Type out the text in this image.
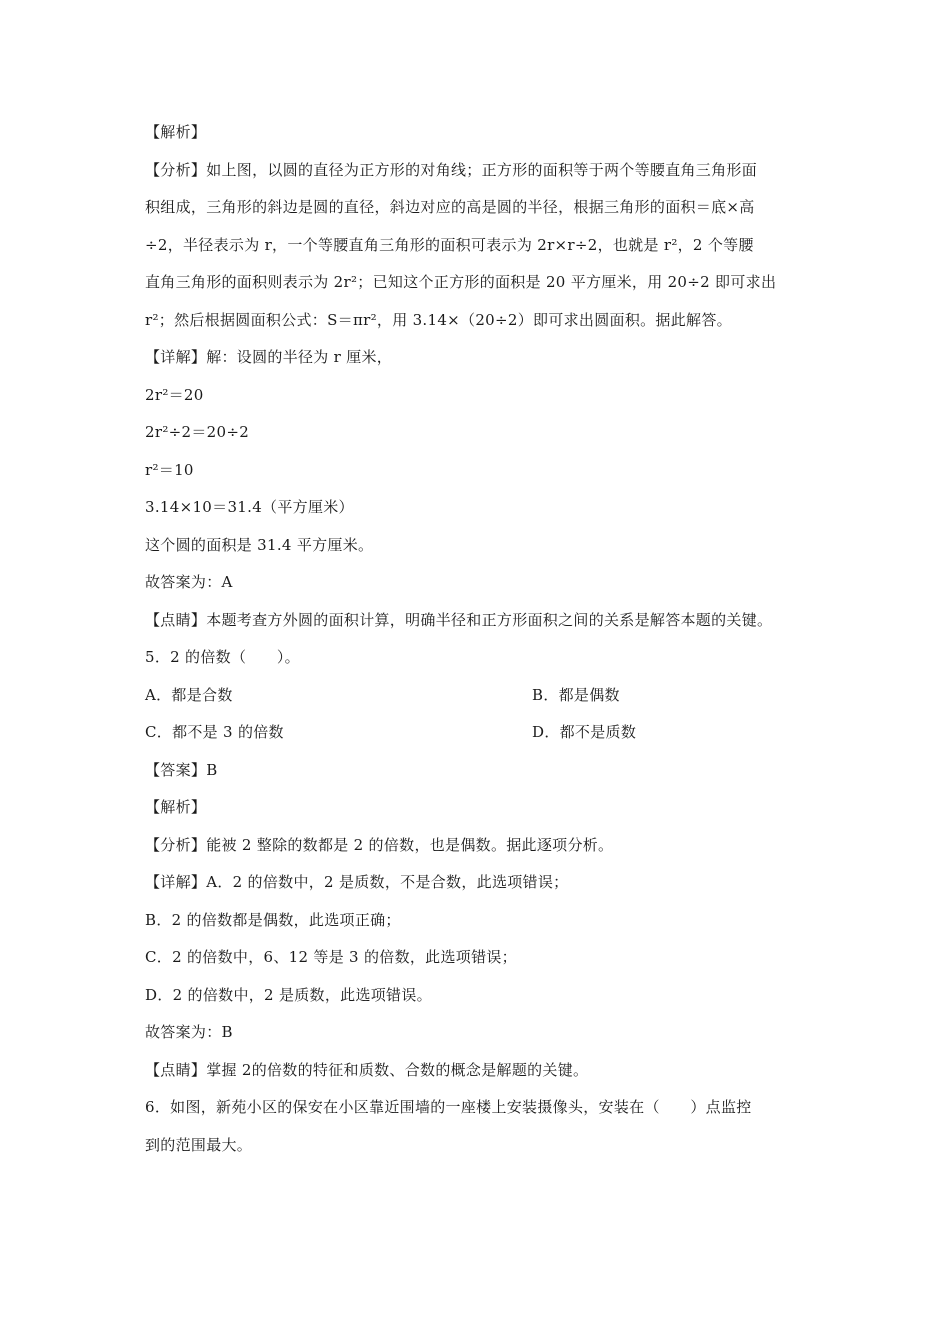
【解析】
【分析】如上图，以圆的直径为正方形的对角线；正方形的面积等于两个等腰直角三角形面
积组成，三角形的斜边是圆的直径，斜边对应的高是圆的半径，根据三角形的面积＝底×高
÷2，半径表示为 r，一个等腰直角三角形的面积可表示为 2r×r÷2，也就是 r²，2 个等腰
直角三角形的面积则表示为 2r²；已知这个正方形的面积是 20 平方厘米，用 20÷2 即可求出
r²；然后根据圆面积公式：S＝πr²，用 3.14×（20÷2）即可求出圆面积。据此解答。
【详解】解：设圆的半径为 r 厘米，
2r²＝20
2r²÷2＝20÷2
r²＝10
3.14×10＝31.4（平方厘米）
这个圆的面积是 31.4 平方厘米。
故答案为：A
【点睛】本题考查方外圆的面积计算，明确半径和正方形面积之间的关系是解答本题的关键。
5．2 的倍数（　　）。
A．都是合数	B．都是偶数
C．都不是 3 的倍数	D．都不是质数
【答案】B
【解析】
【分析】能被 2 整除的数都是 2 的倍数，也是偶数。据此逐项分析。
【详解】A．2 的倍数中，2 是质数，不是合数，此选项错误；
B．2 的倍数都是偶数，此选项正确；
C．2 的倍数中，6、12 等是 3 的倍数，此选项错误；
D．2 的倍数中，2 是质数，此选项错误。
故答案为：B
【点睛】掌握 2的倍数的特征和质数、合数的概念是解题的关键。
6．如图，新苑小区的保安在小区靠近围墙的一座楼上安装摄像头，安装在（　　）点监控
到的范围最大。
